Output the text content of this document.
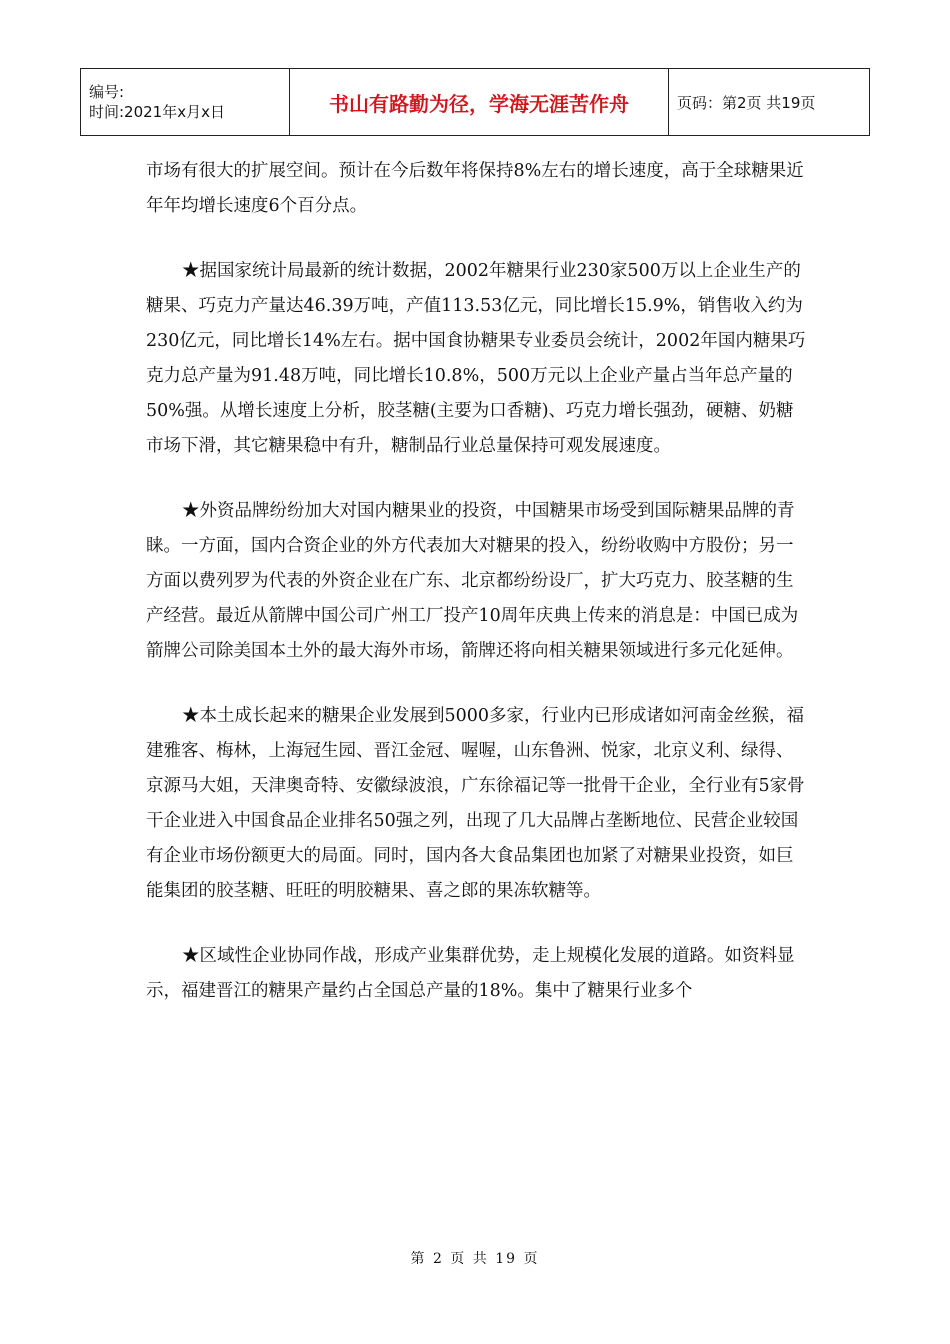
编号:
时间:2021年x月x日	书山有路勤为径，学海无涯苦作舟	页码：第2页 共19页

市场有很大的扩展空间。预计在今后数年将保持8%左右的增长速度，高于全球糖果近年年均增长速度6个百分点。

★据国家统计局最新的统计数据，2002年糖果行业230家500万以上企业生产的糖果、巧克力产量达46.39万吨，产值113.53亿元，同比增长15.9%，销售收入约为230亿元，同比增长14%左右。据中国食协糖果专业委员会统计，2002年国内糖果巧克力总产量为91.48万吨，同比增长10.8%，500万元以上企业产量占当年总产量的50%强。从增长速度上分析，胶茎糖(主要为口香糖)、巧克力增长强劲，硬糖、奶糖市场下滑，其它糖果稳中有升，糖制品行业总量保持可观发展速度。

★外资品牌纷纷加大对国内糖果业的投资，中国糖果市场受到国际糖果品牌的青睐。一方面，国内合资企业的外方代表加大对糖果的投入，纷纷收购中方股份；另一方面以费列罗为代表的外资企业在广东、北京都纷纷设厂，扩大巧克力、胶茎糖的生产经营。最近从箭牌中国公司广州工厂投产10周年庆典上传来的消息是：中国已成为箭牌公司除美国本土外的最大海外市场，箭牌还将向相关糖果领域进行多元化延伸。

★本土成长起来的糖果企业发展到5000多家，行业内已形成诸如河南金丝猴，福建雅客、梅林，上海冠生园、晋江金冠、喔喔，山东鲁洲、悦家，北京义利、绿得、京源马大姐，天津奥奇特、安徽绿波浪，广东徐福记等一批骨干企业，全行业有5家骨干企业进入中国食品企业排名50强之列，出现了几大品牌占垄断地位、民营企业较国有企业市场份额更大的局面。同时，国内各大食品集团也加紧了对糖果业投资，如巨能集团的胶茎糖、旺旺的明胶糖果、喜之郎的果冻软糖等。

★区域性企业协同作战，形成产业集群优势，走上规模化发展的道路。如资料显示，福建晋江的糖果产量约占全国总产量的18%。集中了糖果行业多个

第 2 页 共 19 页
